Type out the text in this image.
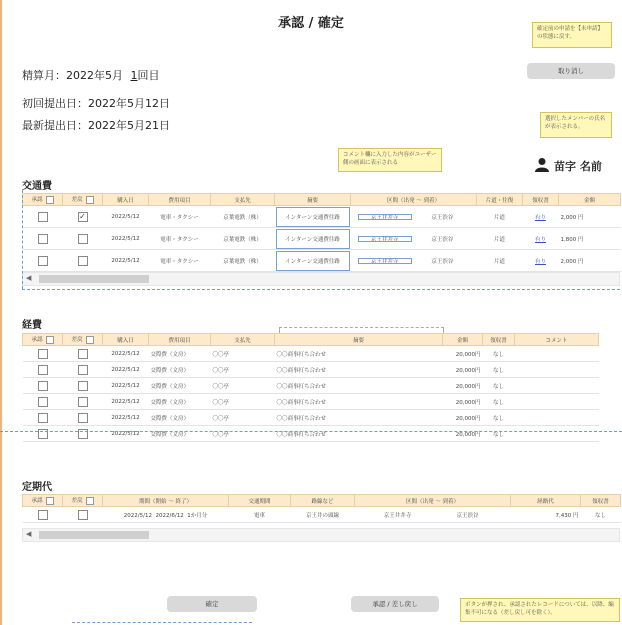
承認 / 確定
精算月：2022年5月 1回目
初回提出日：2022年5月12日
最新提出日：2022年5月21日
確定前の申請を【未申請】の状態に戻す。
取り消し
選択したメンバーの氏名が表示される。
コメント欄に入力した内容がユーザー側の画面に表示される	苗字 名前
交通費
承認	差戻	購入日	費用項目	支払先	摘要	区間（出発 ～ 到着）	片道・往復	領収書	金額
	✓	2022/5/12	電車・タクシー	京葉電鉄（株）	インターン交通費往路	京王井井寺 京王渋谷	片道	有り	2,000 円
		2022/5/12	電車・タクシー	京葉電鉄（株）	インターン交通費往路	京王井井寺 京王渋谷	片道	有り	1,800 円
		2022/5/12	電車・タクシー	京葉電鉄（株）	インターン交通費往路	京王井井寺 京王渋谷	片道	有り	2,000 円
◀
経費
承認	差戻	購入日	費用項目	支払先	摘要	金額	領収書	コメント
		2022/5/12	交際費（文房）	〇〇亭	〇〇商事打ち合わせ	20,000円	なし	
		2022/5/12	交際費（文房）	〇〇亭	〇〇商事打ち合わせ	20,000円	なし	
		2022/5/12	交際費（文房）	〇〇亭	〇〇商事打ち合わせ	20,000円	なし	
		2022/5/12	交際費（文房）	〇〇亭	〇〇商事打ち合わせ	20,000円	なし	
		2022/5/12	交際費（文房）	〇〇亭	〇〇商事打ち合わせ	20,000円	なし	
		2022/5/12	交際費（文房）	〇〇亭	〇〇商事打ち合わせ	20,000円	なし	
定期代
承認	差戻	期間（開始 ～ 終了）	交通期間	路線など	区間（出発 ～ 到着）	経路代	領収書
		2022/5/12 2022/6/12 1か月分	電車	京王井の頭線	京王井井寺 京王渋谷	7,430 円	なし
◀
確定	承認 / 差し戻し	ボタンが押され、承認されたレコードについては、以降、編集不可になる（差し戻し可を除く）。
